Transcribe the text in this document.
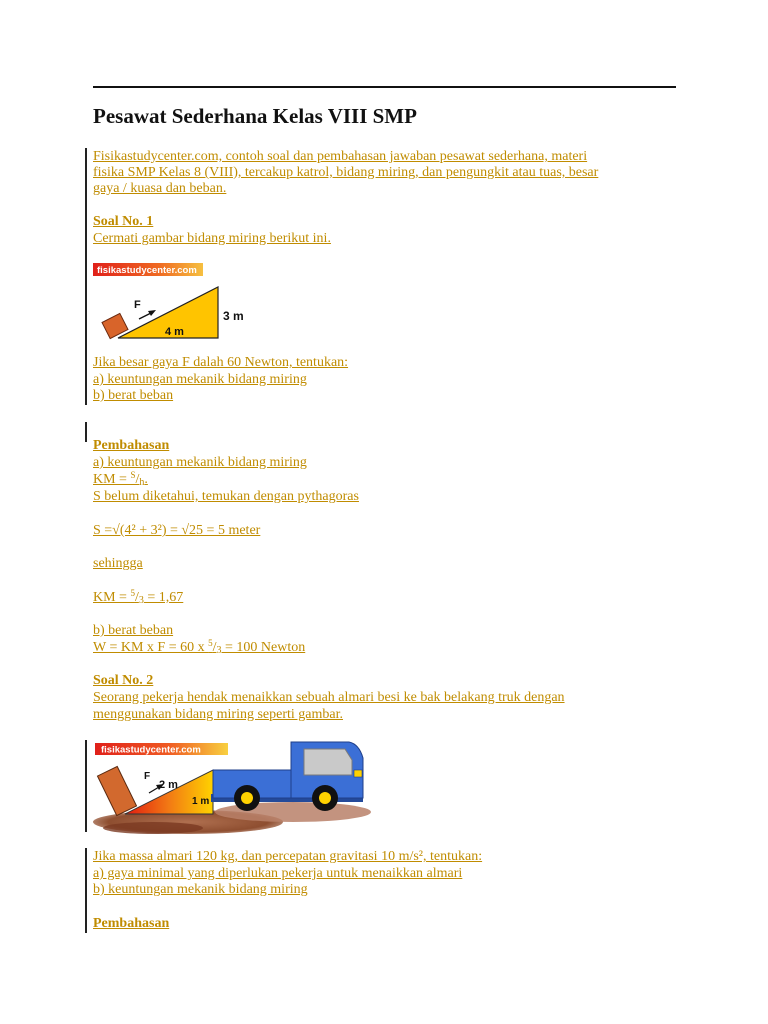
Pesawat Sederhana Kelas VIII SMP
Fisikastudycenter.com, contoh soal dan pembahasan jawaban pesawat sederhana, materi
fisika SMP Kelas 8 (VIII), tercakup katrol, bidang miring, dan pengungkit atau tuas, besar
gaya / kuasa dan beban.
Soal No. 1
Cermati gambar bidang miring berikut ini.
fisikastudycenter.com
F
4 m
3 m
Jika besar gaya F dalah 60 Newton, tentukan:
a) keuntungan mekanik bidang miring
b) berat beban
Pembahasan
a) keuntungan mekanik bidang miring
KM = $^S/_h$.
S belum diketahui, temukan dengan pythagoras
S =√(4² + 3²) = √25 = 5 meter
sehingga
KM = $^5/_3 = 1,67$
b) berat beban
W = KM x F = 60 x $^5/_3 = 100$ Newton
Soal No. 2
Seorang pekerja hendak menaikkan sebuah almari besi ke bak belakang truk dengan
menggunakan bidang miring seperti gambar.
fisikastudycenter.com
F
2 m
1 m
Jika massa almari 120 kg, dan percepatan gravitasi 10 m/s², tentukan:
a) gaya minimal yang diperlukan pekerja untuk menaikkan almari
b) keuntungan mekanik bidang miring
Pembahasan
